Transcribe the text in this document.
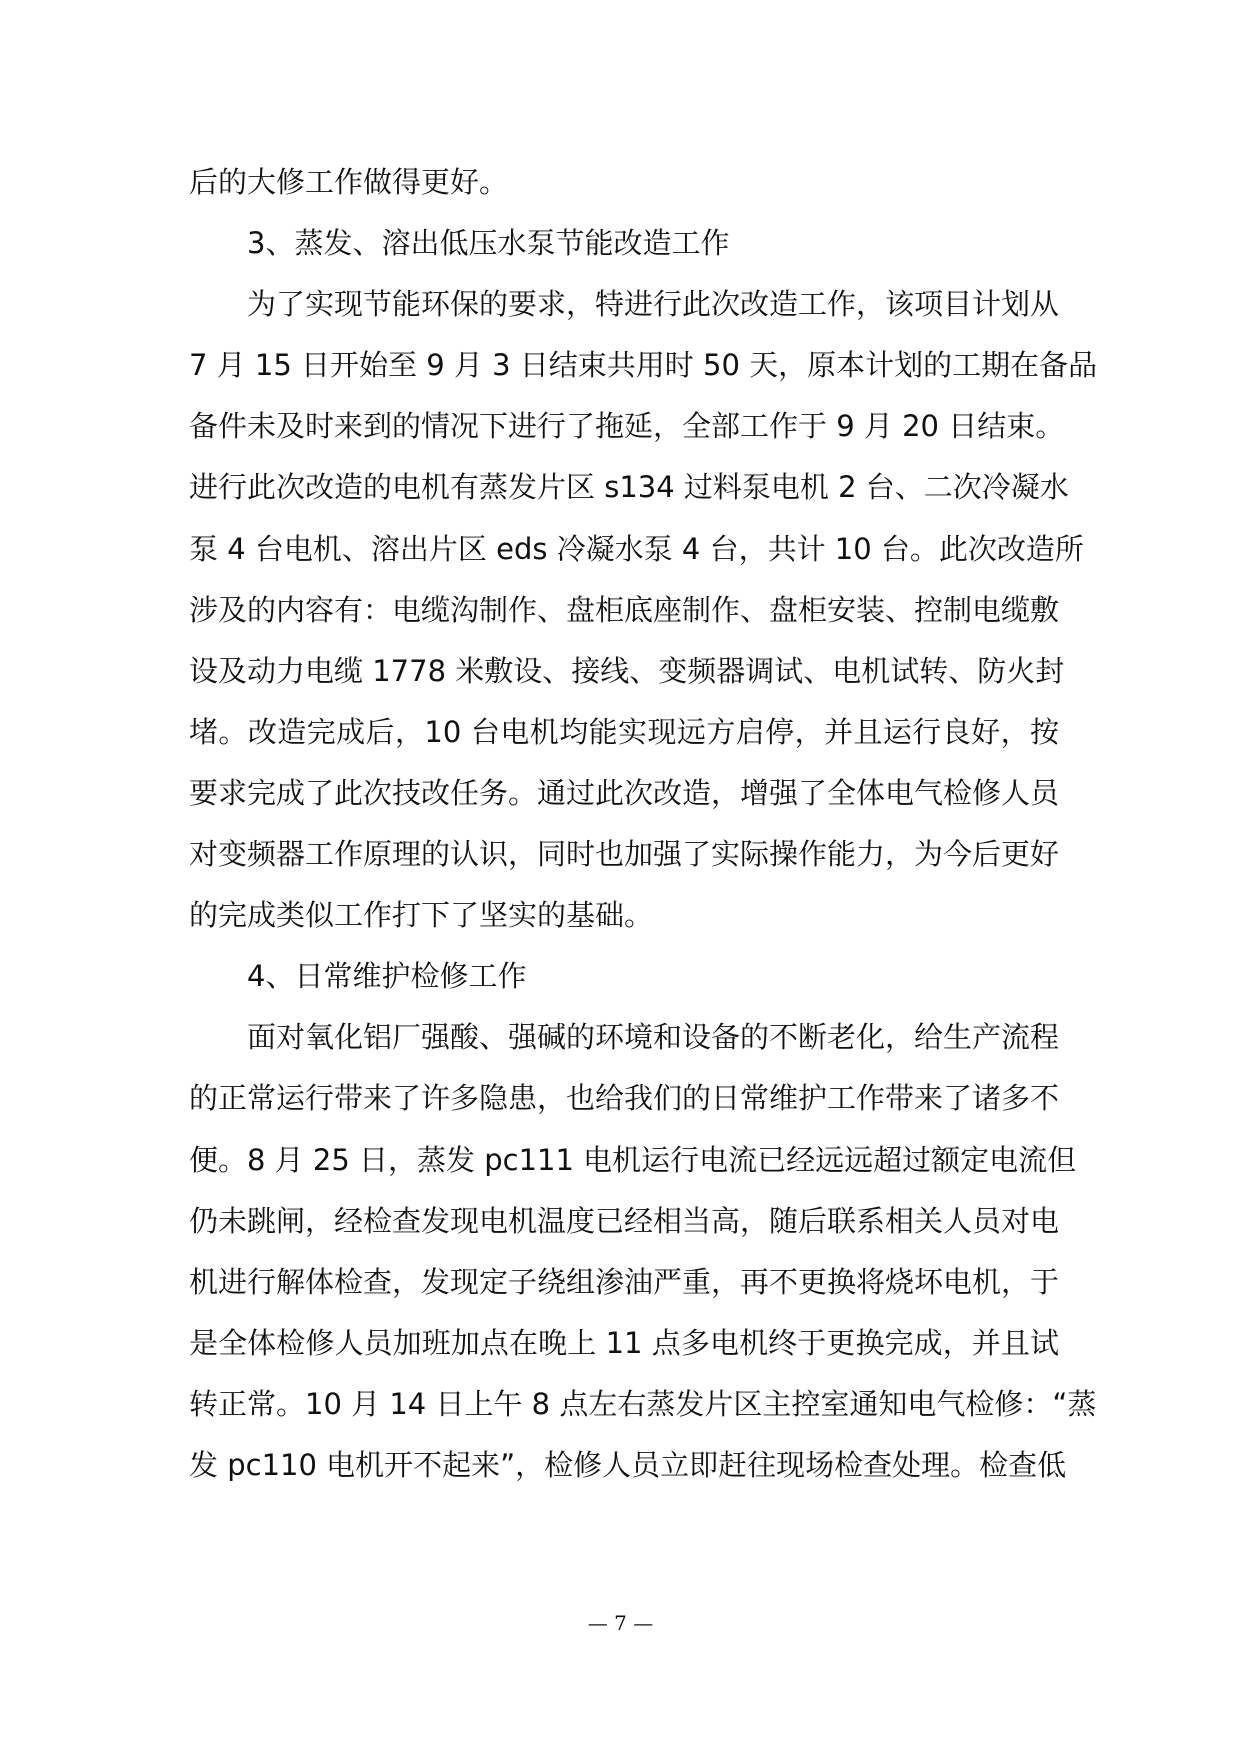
后的大修工作做得更好。
3、蒸发、溶出低压水泵节能改造工作
为了实现节能环保的要求，特进行此次改造工作，该项目计划从
7 月 15 日开始至 9 月 3 日结束共用时 50 天，原本计划的工期在备品
备件未及时来到的情况下进行了拖延，全部工作于 9 月 20 日结束。
进行此次改造的电机有蒸发片区 s134 过料泵电机 2 台、二次冷凝水
泵 4 台电机、溶出片区 eds 冷凝水泵 4 台，共计 10 台。此次改造所
涉及的内容有：电缆沟制作、盘柜底座制作、盘柜安装、控制电缆敷
设及动力电缆 1778 米敷设、接线、变频器调试、电机试转、防火封
堵。改造完成后，10 台电机均能实现远方启停，并且运行良好，按
要求完成了此次技改任务。通过此次改造，增强了全体电气检修人员
对变频器工作原理的认识，同时也加强了实际操作能力，为今后更好
的完成类似工作打下了坚实的基础。
4、日常维护检修工作
面对氧化铝厂强酸、强碱的环境和设备的不断老化，给生产流程
的正常运行带来了许多隐患，也给我们的日常维护工作带来了诸多不
便。8 月 25 日，蒸发 pc111 电机运行电流已经远远超过额定电流但
仍未跳闸，经检查发现电机温度已经相当高，随后联系相关人员对电
机进行解体检查，发现定子绕组渗油严重，再不更换将烧坏电机，于
是全体检修人员加班加点在晚上 11 点多电机终于更换完成，并且试
转正常。10 月 14 日上午 8 点左右蒸发片区主控室通知电气检修：“蒸
发 pc110 电机开不起来”，检修人员立即赶往现场检查处理。检查低
— 7 —
